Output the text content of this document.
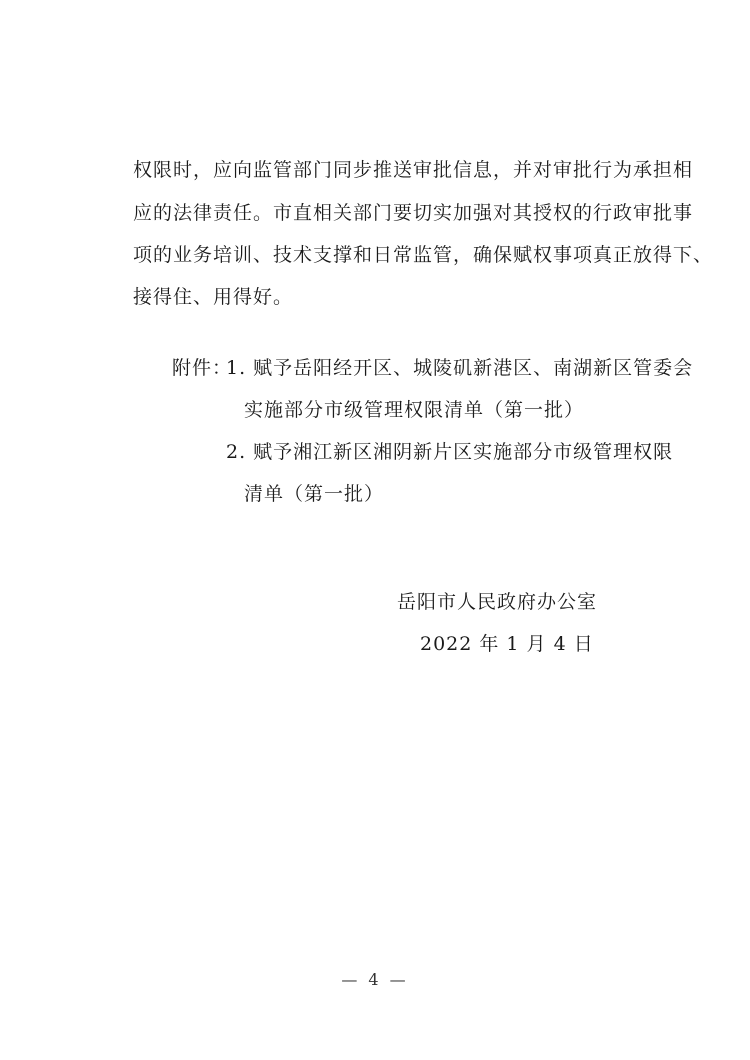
权限时，应向监管部门同步推送审批信息，并对审批行为承担相
应的法律责任。市直相关部门要切实加强对其授权的行政审批事
项的业务培训、技术支撑和日常监管，确保赋权事项真正放得下、
接得住、用得好。
附件：
1. 赋予岳阳经开区、城陵矶新港区、南湖新区管委会
实施部分市级管理权限清单（第一批）
2. 赋予湘江新区湘阴新片区实施部分市级管理权限
清单（第一批）
岳阳市人民政府办公室
2022 年 1 月 4 日
— 4 —
